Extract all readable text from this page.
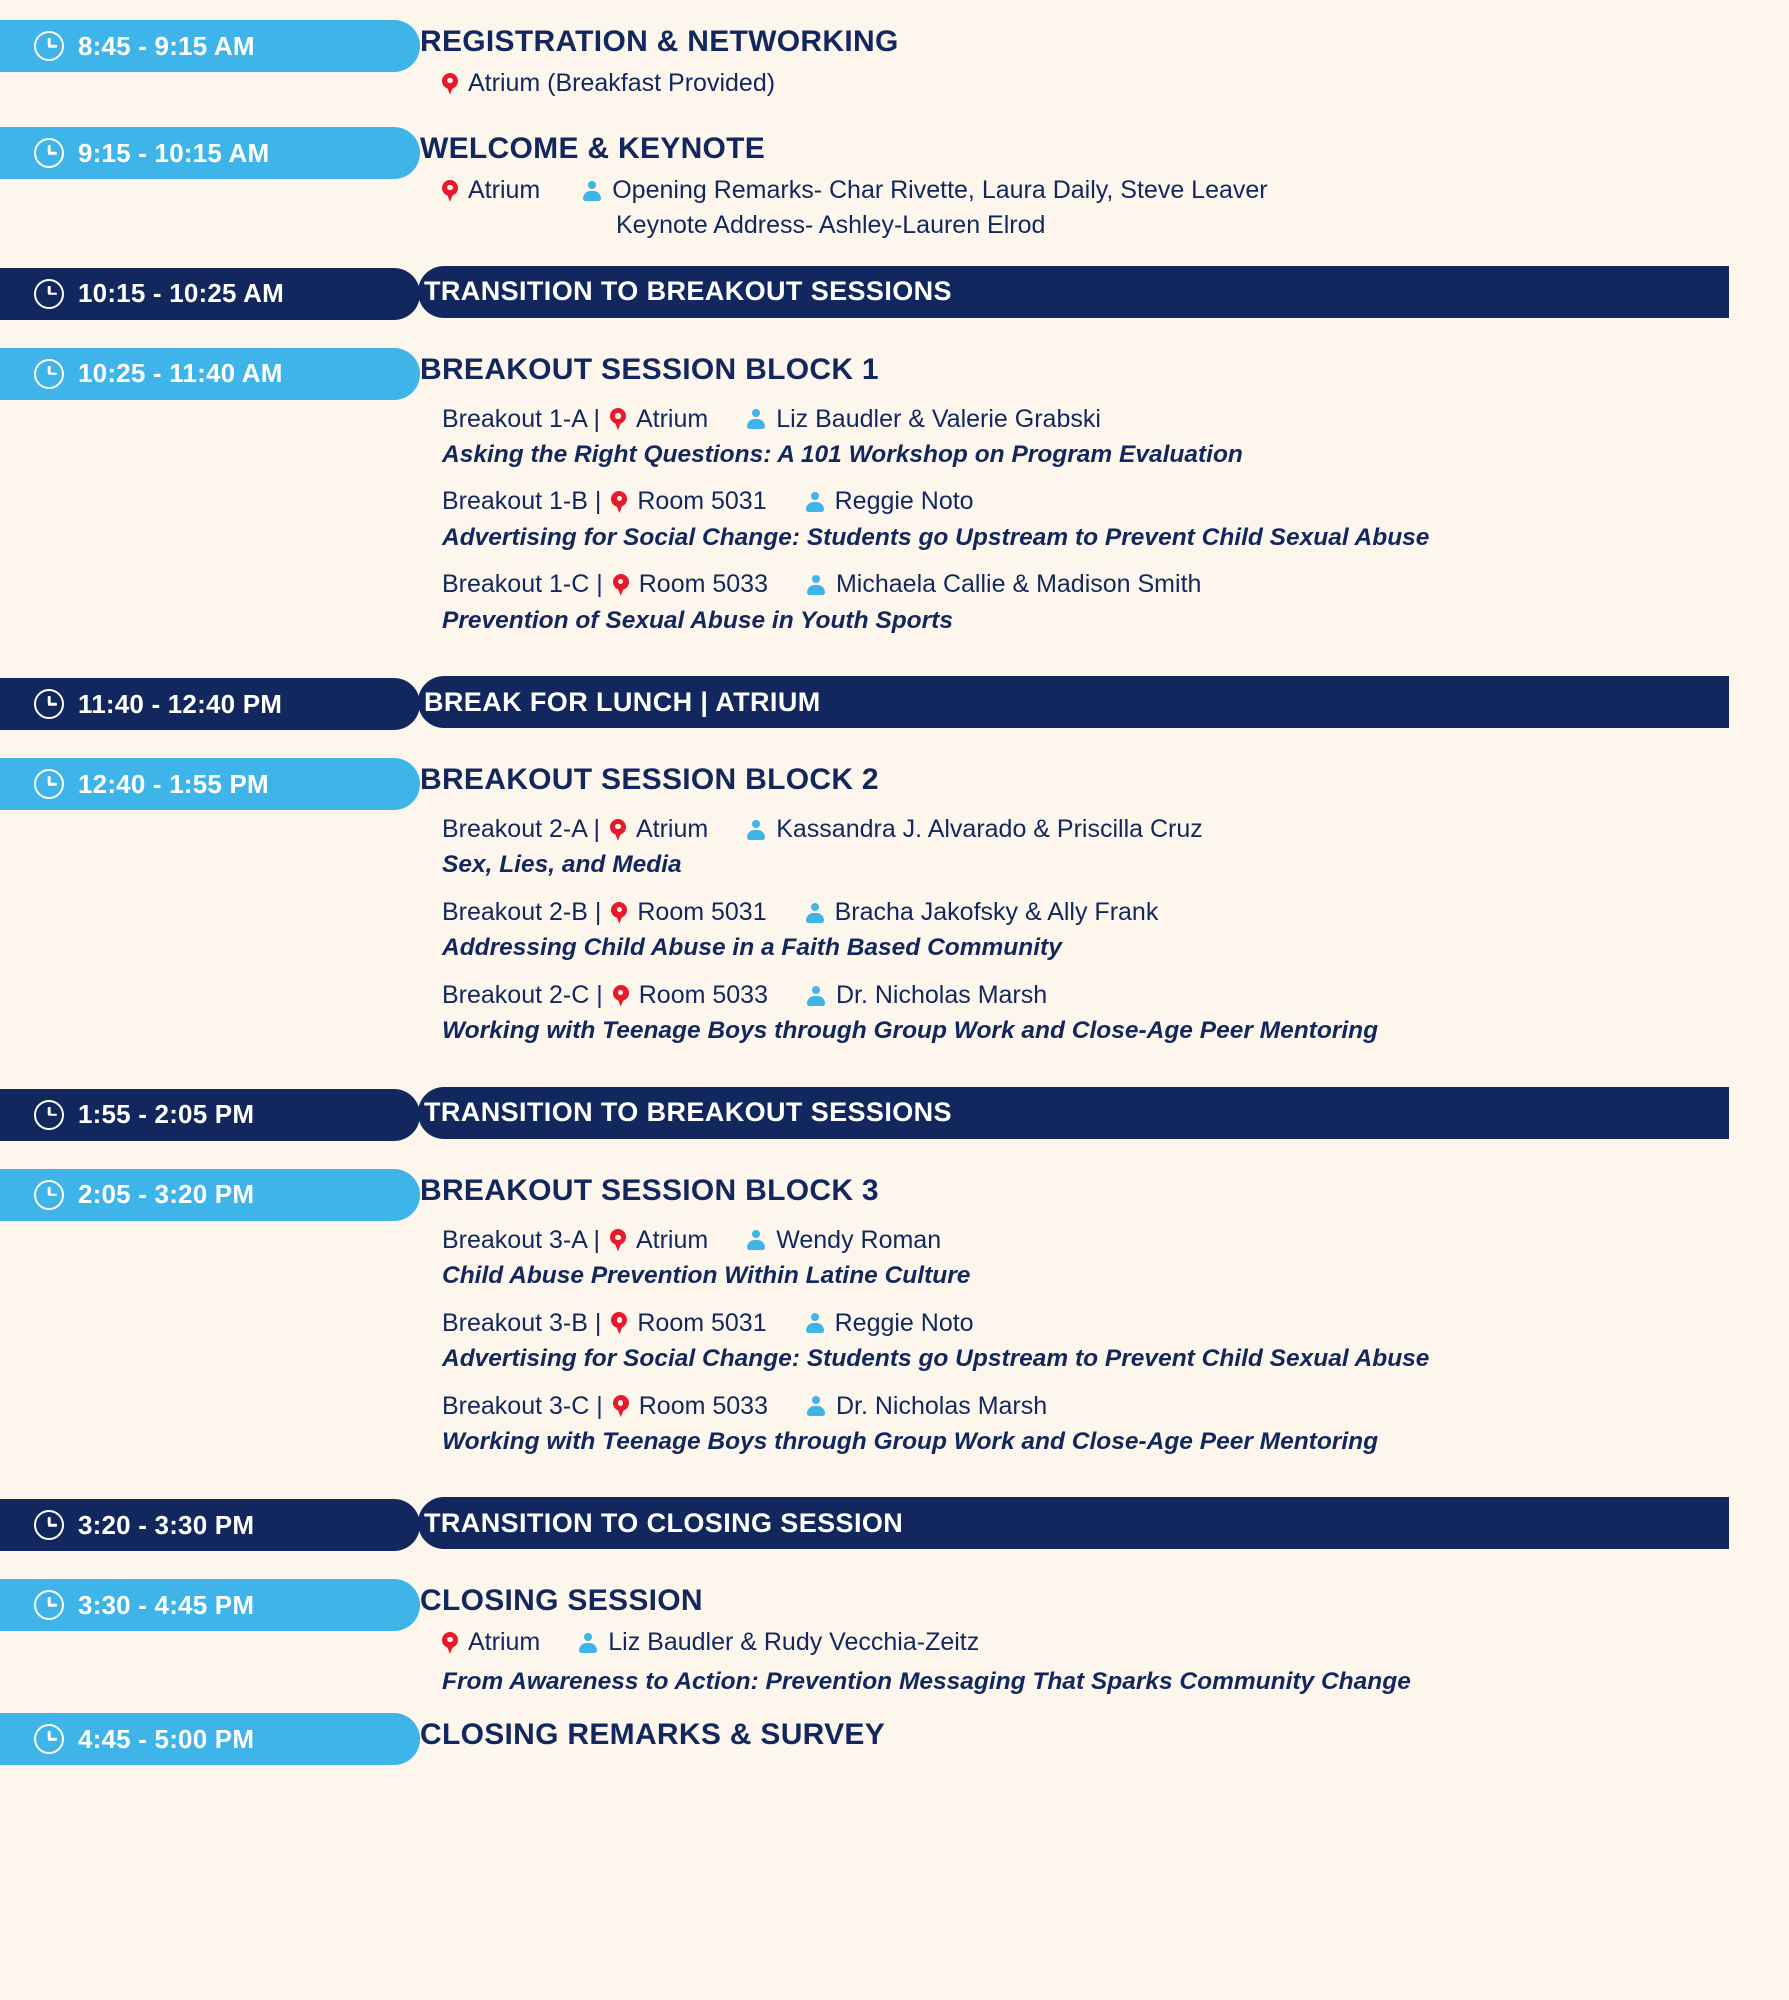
8:45 - 9:15 AM	REGISTRATION & NETWORKING
Atrium (Breakfast Provided)
9:15 - 10:15 AM	WELCOME & KEYNOTE
Atrium	Opening Remarks- Char Rivette, Laura Daily, Steve Leaver
Keynote Address- Ashley-Lauren Elrod
10:15 - 10:25 AM	TRANSITION TO BREAKOUT SESSIONS
10:25 - 11:40 AM	BREAKOUT SESSION BLOCK 1
Breakout 1-A | Atrium	Liz Baudler & Valerie Grabski
Asking the Right Questions: A 101 Workshop on Program Evaluation
Breakout 1-B | Room 5031	Reggie Noto
Advertising for Social Change: Students go Upstream to Prevent Child Sexual Abuse
Breakout 1-C | Room 5033	Michaela Callie & Madison Smith
Prevention of Sexual Abuse in Youth Sports
11:40 - 12:40 PM	BREAK FOR LUNCH | ATRIUM
12:40 - 1:55 PM	BREAKOUT SESSION BLOCK 2
Breakout 2-A | Atrium	Kassandra J. Alvarado & Priscilla Cruz
Sex, Lies, and Media
Breakout 2-B | Room 5031	Bracha Jakofsky & Ally Frank
Addressing Child Abuse in a Faith Based Community
Breakout 2-C | Room 5033	Dr. Nicholas Marsh
Working with Teenage Boys through Group Work and Close-Age Peer Mentoring
1:55 - 2:05 PM	TRANSITION TO BREAKOUT SESSIONS
2:05 - 3:20 PM	BREAKOUT SESSION BLOCK 3
Breakout 3-A | Atrium	Wendy Roman
Child Abuse Prevention Within Latine Culture
Breakout 3-B | Room 5031	Reggie Noto
Advertising for Social Change: Students go Upstream to Prevent Child Sexual Abuse
Breakout 3-C | Room 5033	Dr. Nicholas Marsh
Working with Teenage Boys through Group Work and Close-Age Peer Mentoring
3:20 - 3:30 PM	TRANSITION TO CLOSING SESSION
3:30 - 4:45 PM	CLOSING SESSION
Atrium	Liz Baudler & Rudy Vecchia-Zeitz
From Awareness to Action: Prevention Messaging That Sparks Community Change
4:45 - 5:00 PM	CLOSING REMARKS & SURVEY
